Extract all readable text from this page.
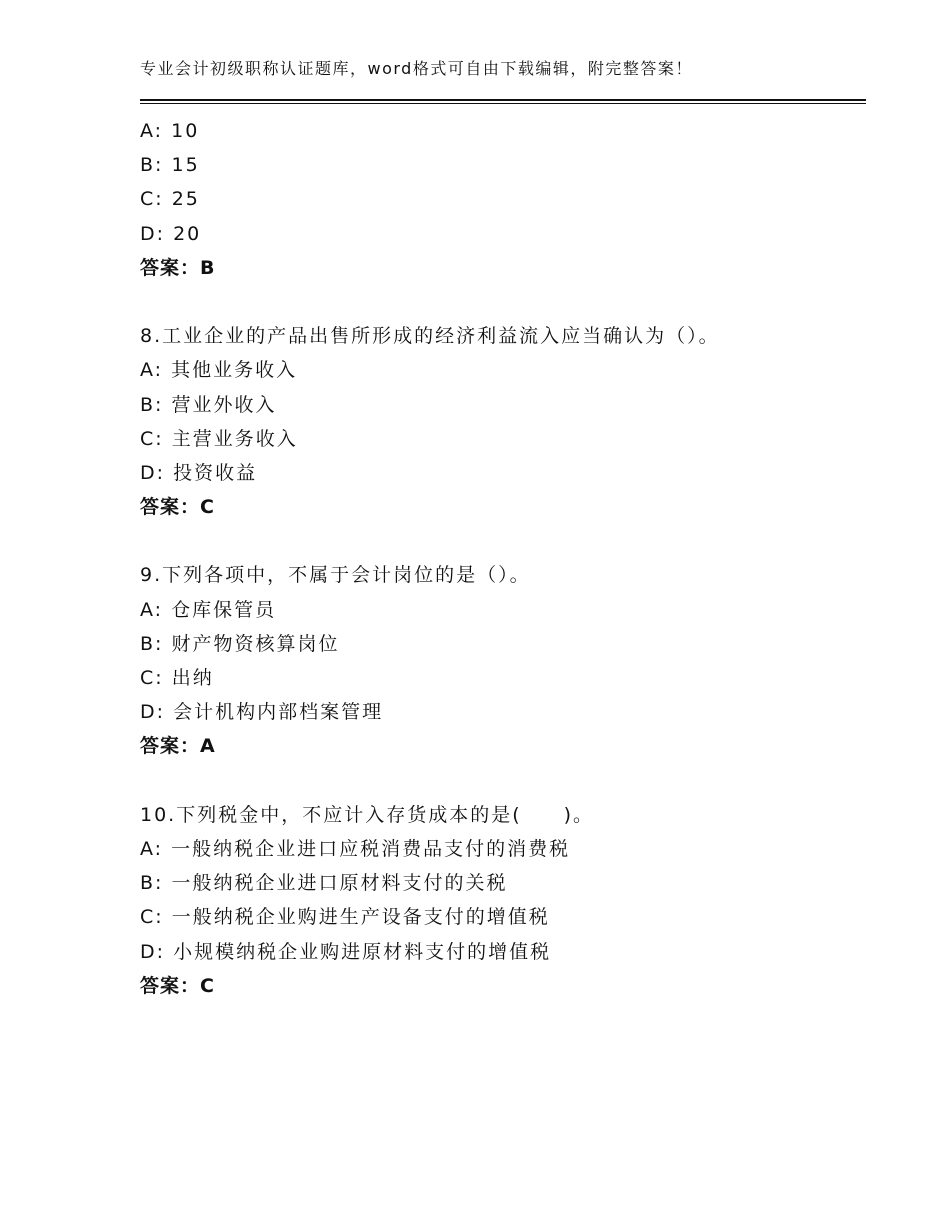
专业会计初级职称认证题库，word格式可自由下载编辑，附完整答案！
A: 10
B: 15
C: 25
D: 20
答案：B
8.工业企业的产品出售所形成的经济利益流入应当确认为（）。
A: 其他业务收入
B: 营业外收入
C: 主营业务收入
D: 投资收益
答案：C
9.下列各项中，不属于会计岗位的是（）。
A: 仓库保管员
B: 财产物资核算岗位
C: 出纳
D: 会计机构内部档案管理
答案：A
10.下列税金中，不应计入存货成本的是(　　)。
A: 一般纳税企业进口应税消费品支付的消费税
B: 一般纳税企业进口原材料支付的关税
C: 一般纳税企业购进生产设备支付的增值税
D: 小规模纳税企业购进原材料支付的增值税
答案：C
